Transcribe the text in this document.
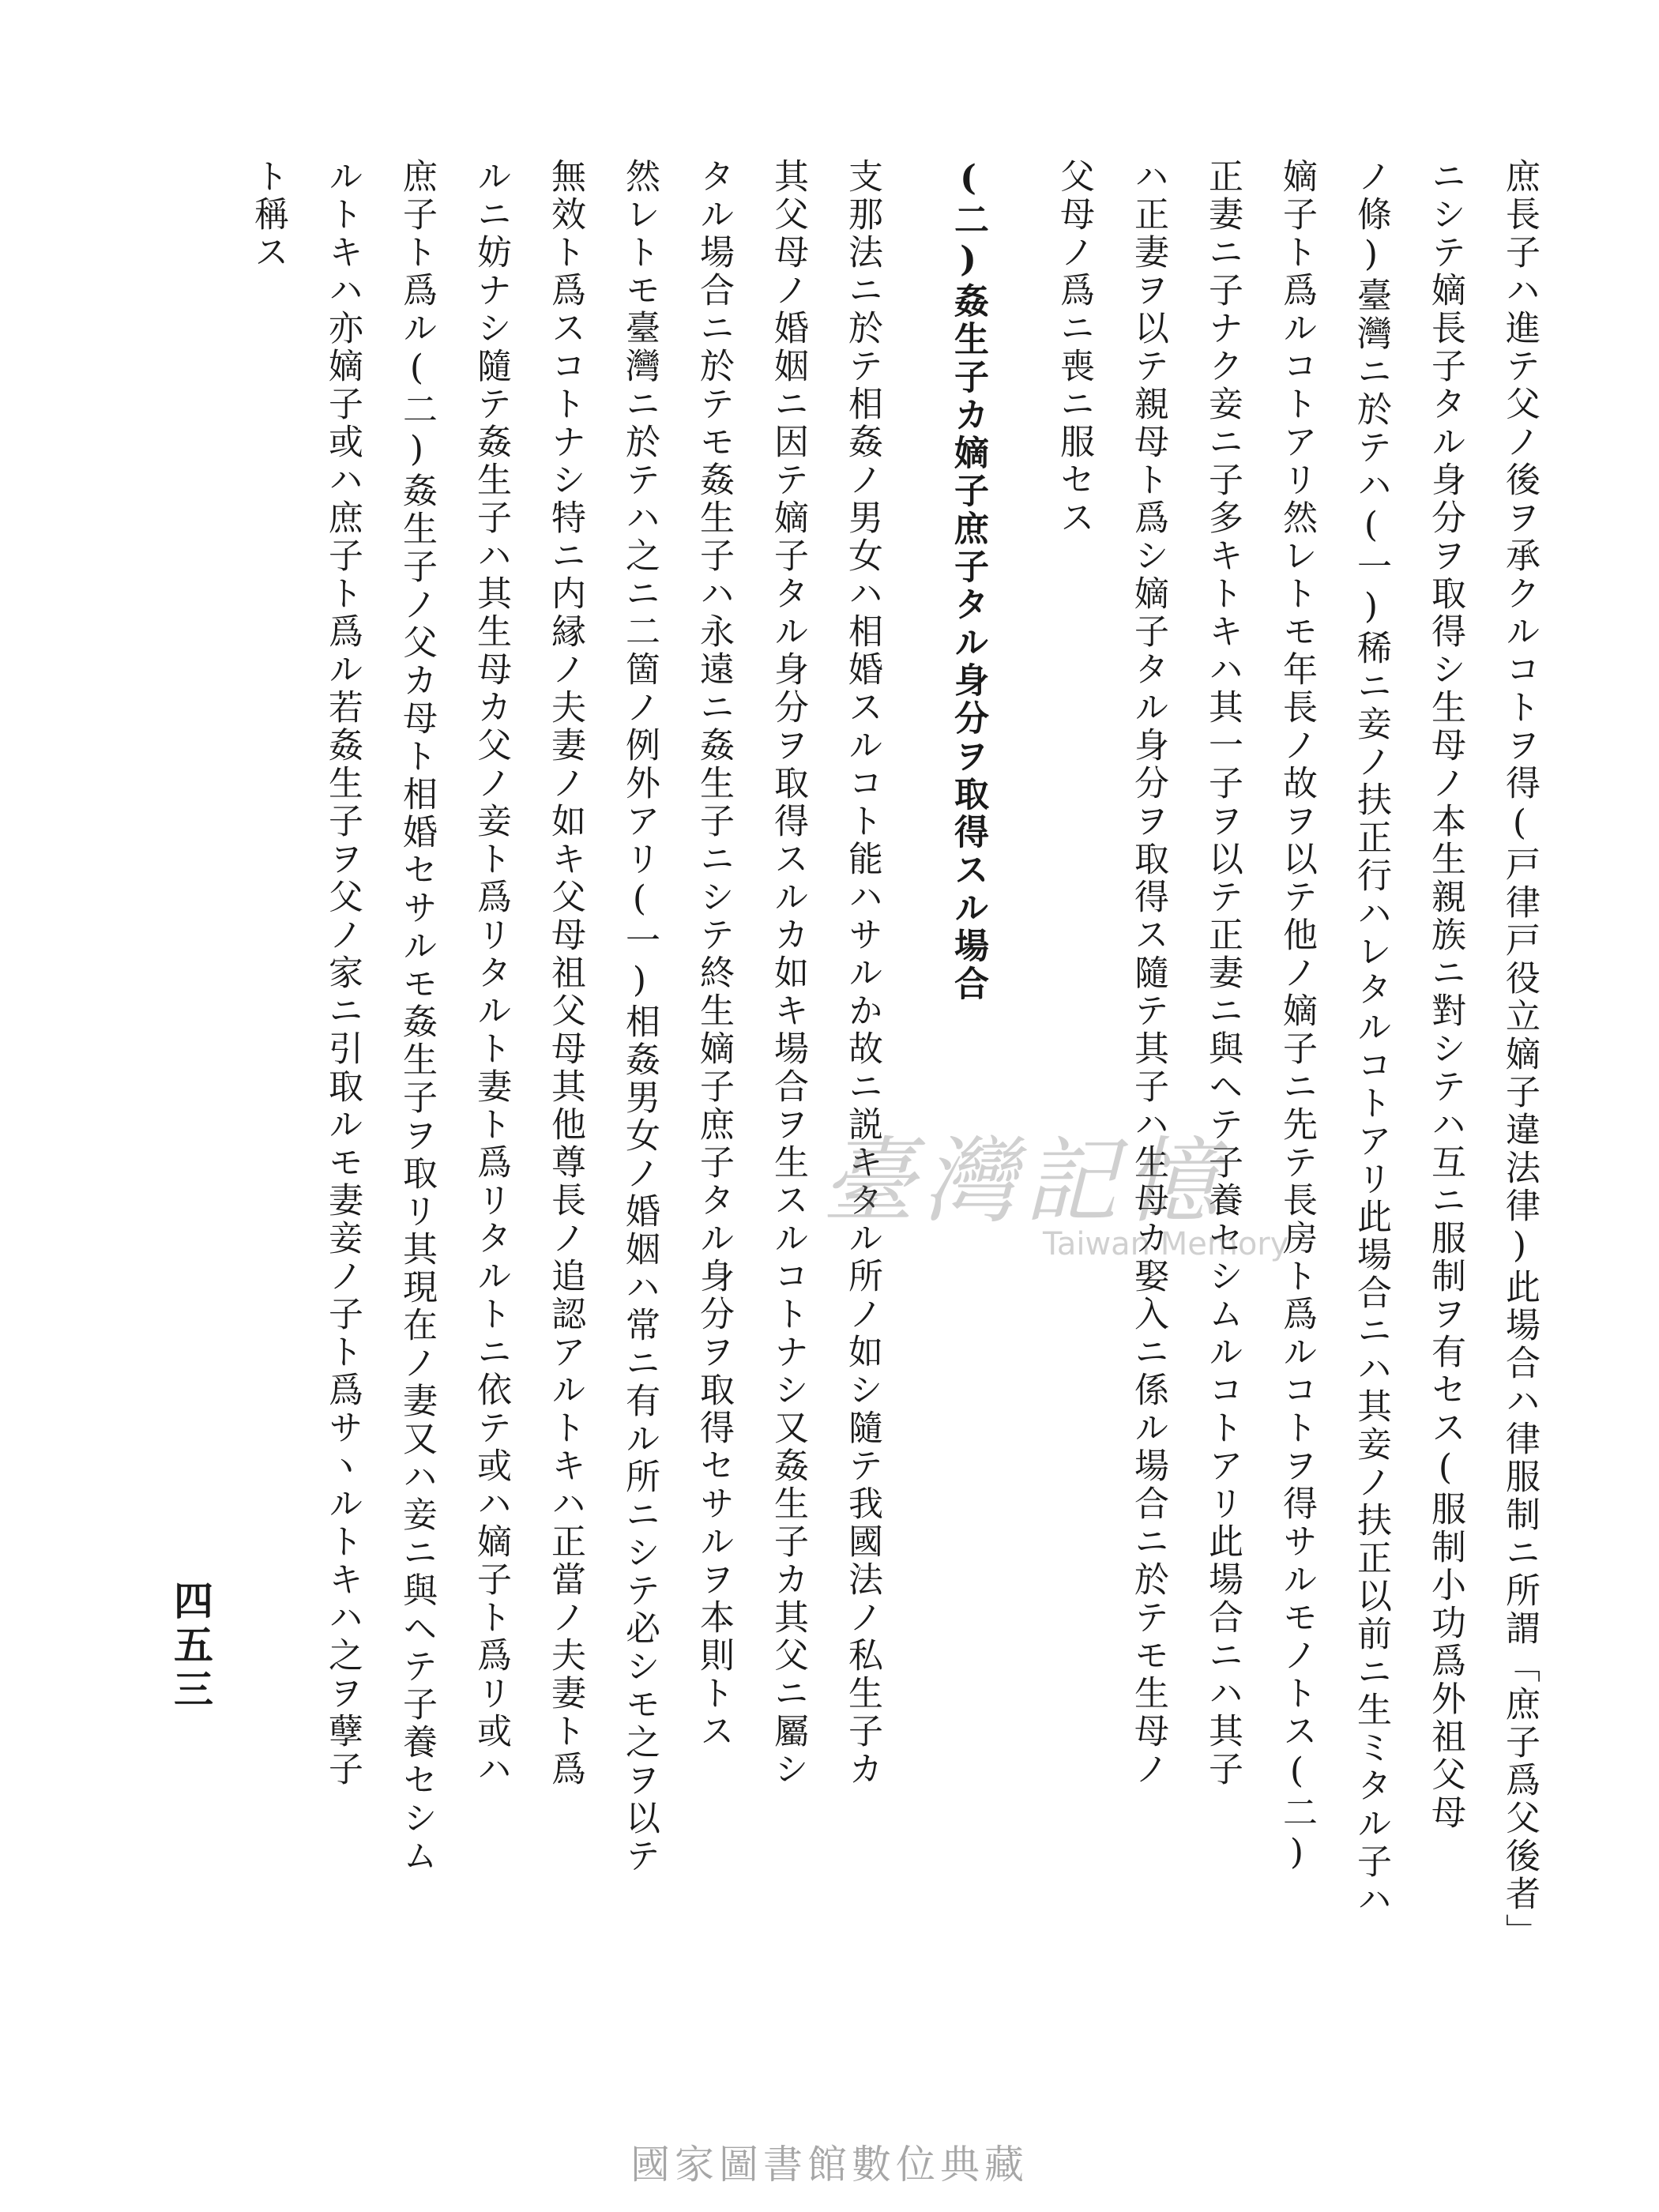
庶長子ハ進テ父ノ後ヲ承クルコトヲ得(戸律戸役立嫡子違法律)此場合ハ律服制ニ所謂「庶子爲父後者」

ニシテ嫡長子タル身分ヲ取得シ生母ノ本生親族ニ對シテハ互ニ服制ヲ有セス(服制小功爲外祖父母

ノ條)臺灣ニ於テハ(一)稀ニ妾ノ扶正行ハレタルコトアリ此場合ニハ其妾ノ扶正以前ニ生ミタル子ハ

嫡子ト爲ルコトアリ然レトモ年長ノ故ヲ以テ他ノ嫡子ニ先テ長房ト爲ルコトヲ得サルモノトス(二)

正妻ニ子ナク妾ニ子多キトキハ其一子ヲ以テ正妻ニ與ヘテ子養セシムルコトアリ此場合ニハ其子

ハ正妻ヲ以テ親母ト爲シ嫡子タル身分ヲ取得ス隨テ其子ハ生母カ娶入ニ係ル場合ニ於テモ生母ノ

父母ノ爲ニ喪ニ服セス

(二)姦生子カ嫡子庶子タル身分ヲ取得スル場合

支那法ニ於テ相姦ノ男女ハ相婚スルコト能ハサルか故ニ説キタル所ノ如シ隨テ我國法ノ私生子カ

其父母ノ婚姻ニ因テ嫡子タル身分ヲ取得スルカ如キ場合ヲ生スルコトナシ又姦生子カ其父ニ屬シ

タル場合ニ於テモ姦生子ハ永遠ニ姦生子ニシテ終生嫡子庶子タル身分ヲ取得セサルヲ本則トス

然レトモ臺灣ニ於テハ之ニ二箇ノ例外アリ(一)相姦男女ノ婚姻ハ常ニ有ル所ニシテ必シモ之ヲ以テ

無效ト爲スコトナシ特ニ内縁ノ夫妻ノ如キ父母祖父母其他尊長ノ追認アルトキハ正當ノ夫妻ト爲

ルニ妨ナシ隨テ姦生子ハ其生母カ父ノ妾ト爲リタルト妻ト爲リタルトニ依テ或ハ嫡子ト爲リ或ハ

庶子ト爲ル(二)姦生子ノ父カ母ト相婚セサルモ姦生子ヲ取リ其現在ノ妻又ハ妾ニ與ヘテ子養セシム

ルトキハ亦嫡子或ハ庶子ト爲ル若姦生子ヲ父ノ家ニ引取ルモ妻妾ノ子ト爲サヽルトキハ之ヲ孽子

ト稱ス

四五三
臺灣記憶
Taiwan Memory
國家圖書館數位典藏
